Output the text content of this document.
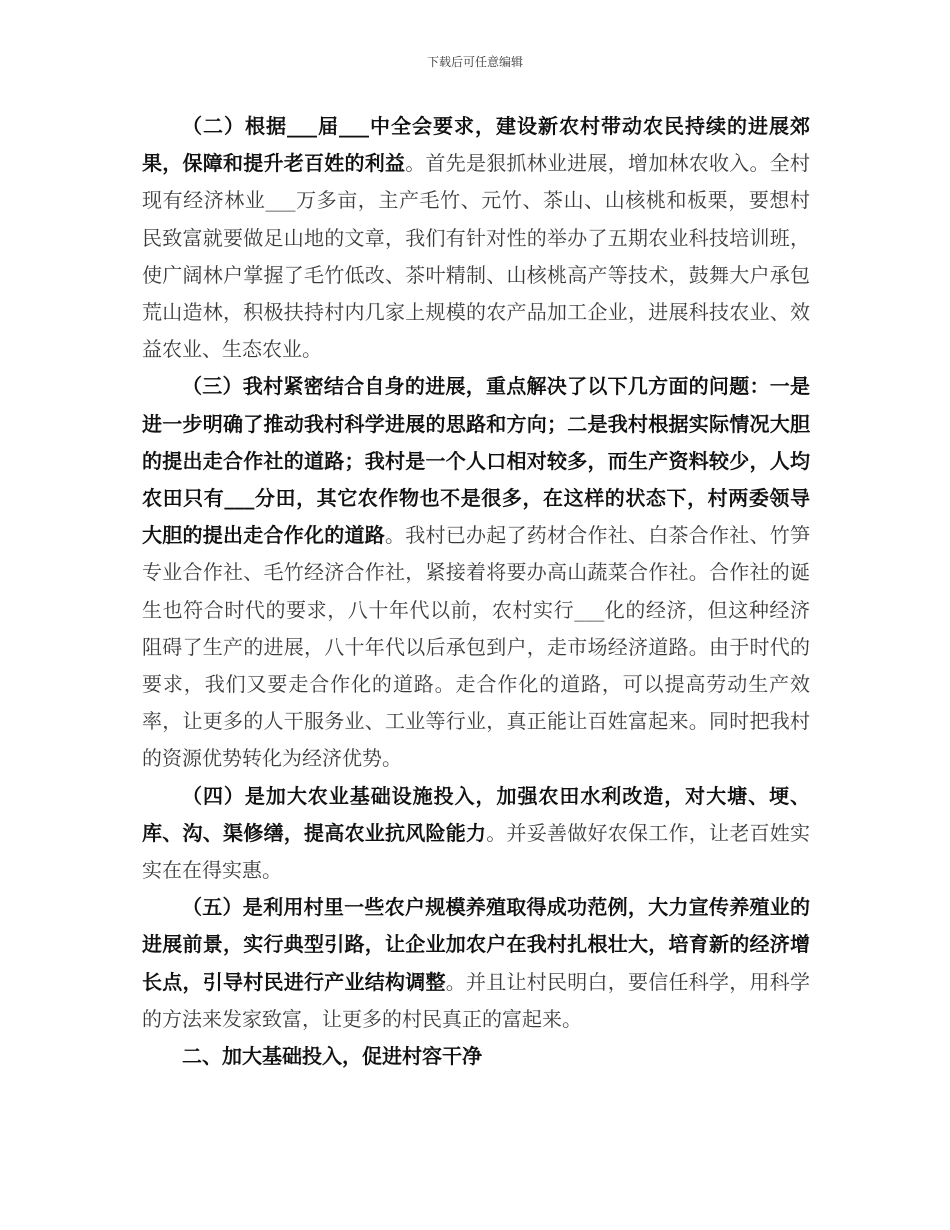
下载后可任意编辑

（二）根据___届___中全会要求，建设新农村带动农民持续的进展郊果，保障和提升老百姓的利益。首先是狠抓林业进展，增加林农收入。全村现有经济林业___万多亩，主产毛竹、元竹、茶山、山核桃和板栗，要想村民致富就要做足山地的文章，我们有针对性的举办了五期农业科技培训班，使广阔林户掌握了毛竹低改、茶叶精制、山核桃高产等技术，鼓舞大户承包荒山造林，积极扶持村内几家上规模的农产品加工企业，进展科技农业、效益农业、生态农业。

（三）我村紧密结合自身的进展，重点解决了以下几方面的问题：一是进一步明确了推动我村科学进展的思路和方向；二是我村根据实际情况大胆的提出走合作社的道路；我村是一个人口相对较多，而生产资料较少，人均农田只有___分田，其它农作物也不是很多，在这样的状态下，村两委领导大胆的提出走合作化的道路。我村已办起了药材合作社、白茶合作社、竹笋专业合作社、毛竹经济合作社，紧接着将要办高山蔬菜合作社。合作社的诞生也符合时代的要求，八十年代以前，农村实行___化的经济，但这种经济阻碍了生产的进展，八十年代以后承包到户，走市场经济道路。由于时代的要求，我们又要走合作化的道路。走合作化的道路，可以提高劳动生产效率，让更多的人干服务业、工业等行业，真正能让百姓富起来。同时把我村的资源优势转化为经济优势。

（四）是加大农业基础设施投入，加强农田水利改造，对大塘、埂、库、沟、渠修缮，提高农业抗风险能力。并妥善做好农保工作，让老百姓实实在在得实惠。

（五）是利用村里一些农户规模养殖取得成功范例，大力宣传养殖业的进展前景，实行典型引路，让企业加农户在我村扎根壮大，培育新的经济增长点，引导村民进行产业结构调整。并且让村民明白，要信任科学，用科学的方法来发家致富，让更多的村民真正的富起来。

二、加大基础投入，促进村容干净
